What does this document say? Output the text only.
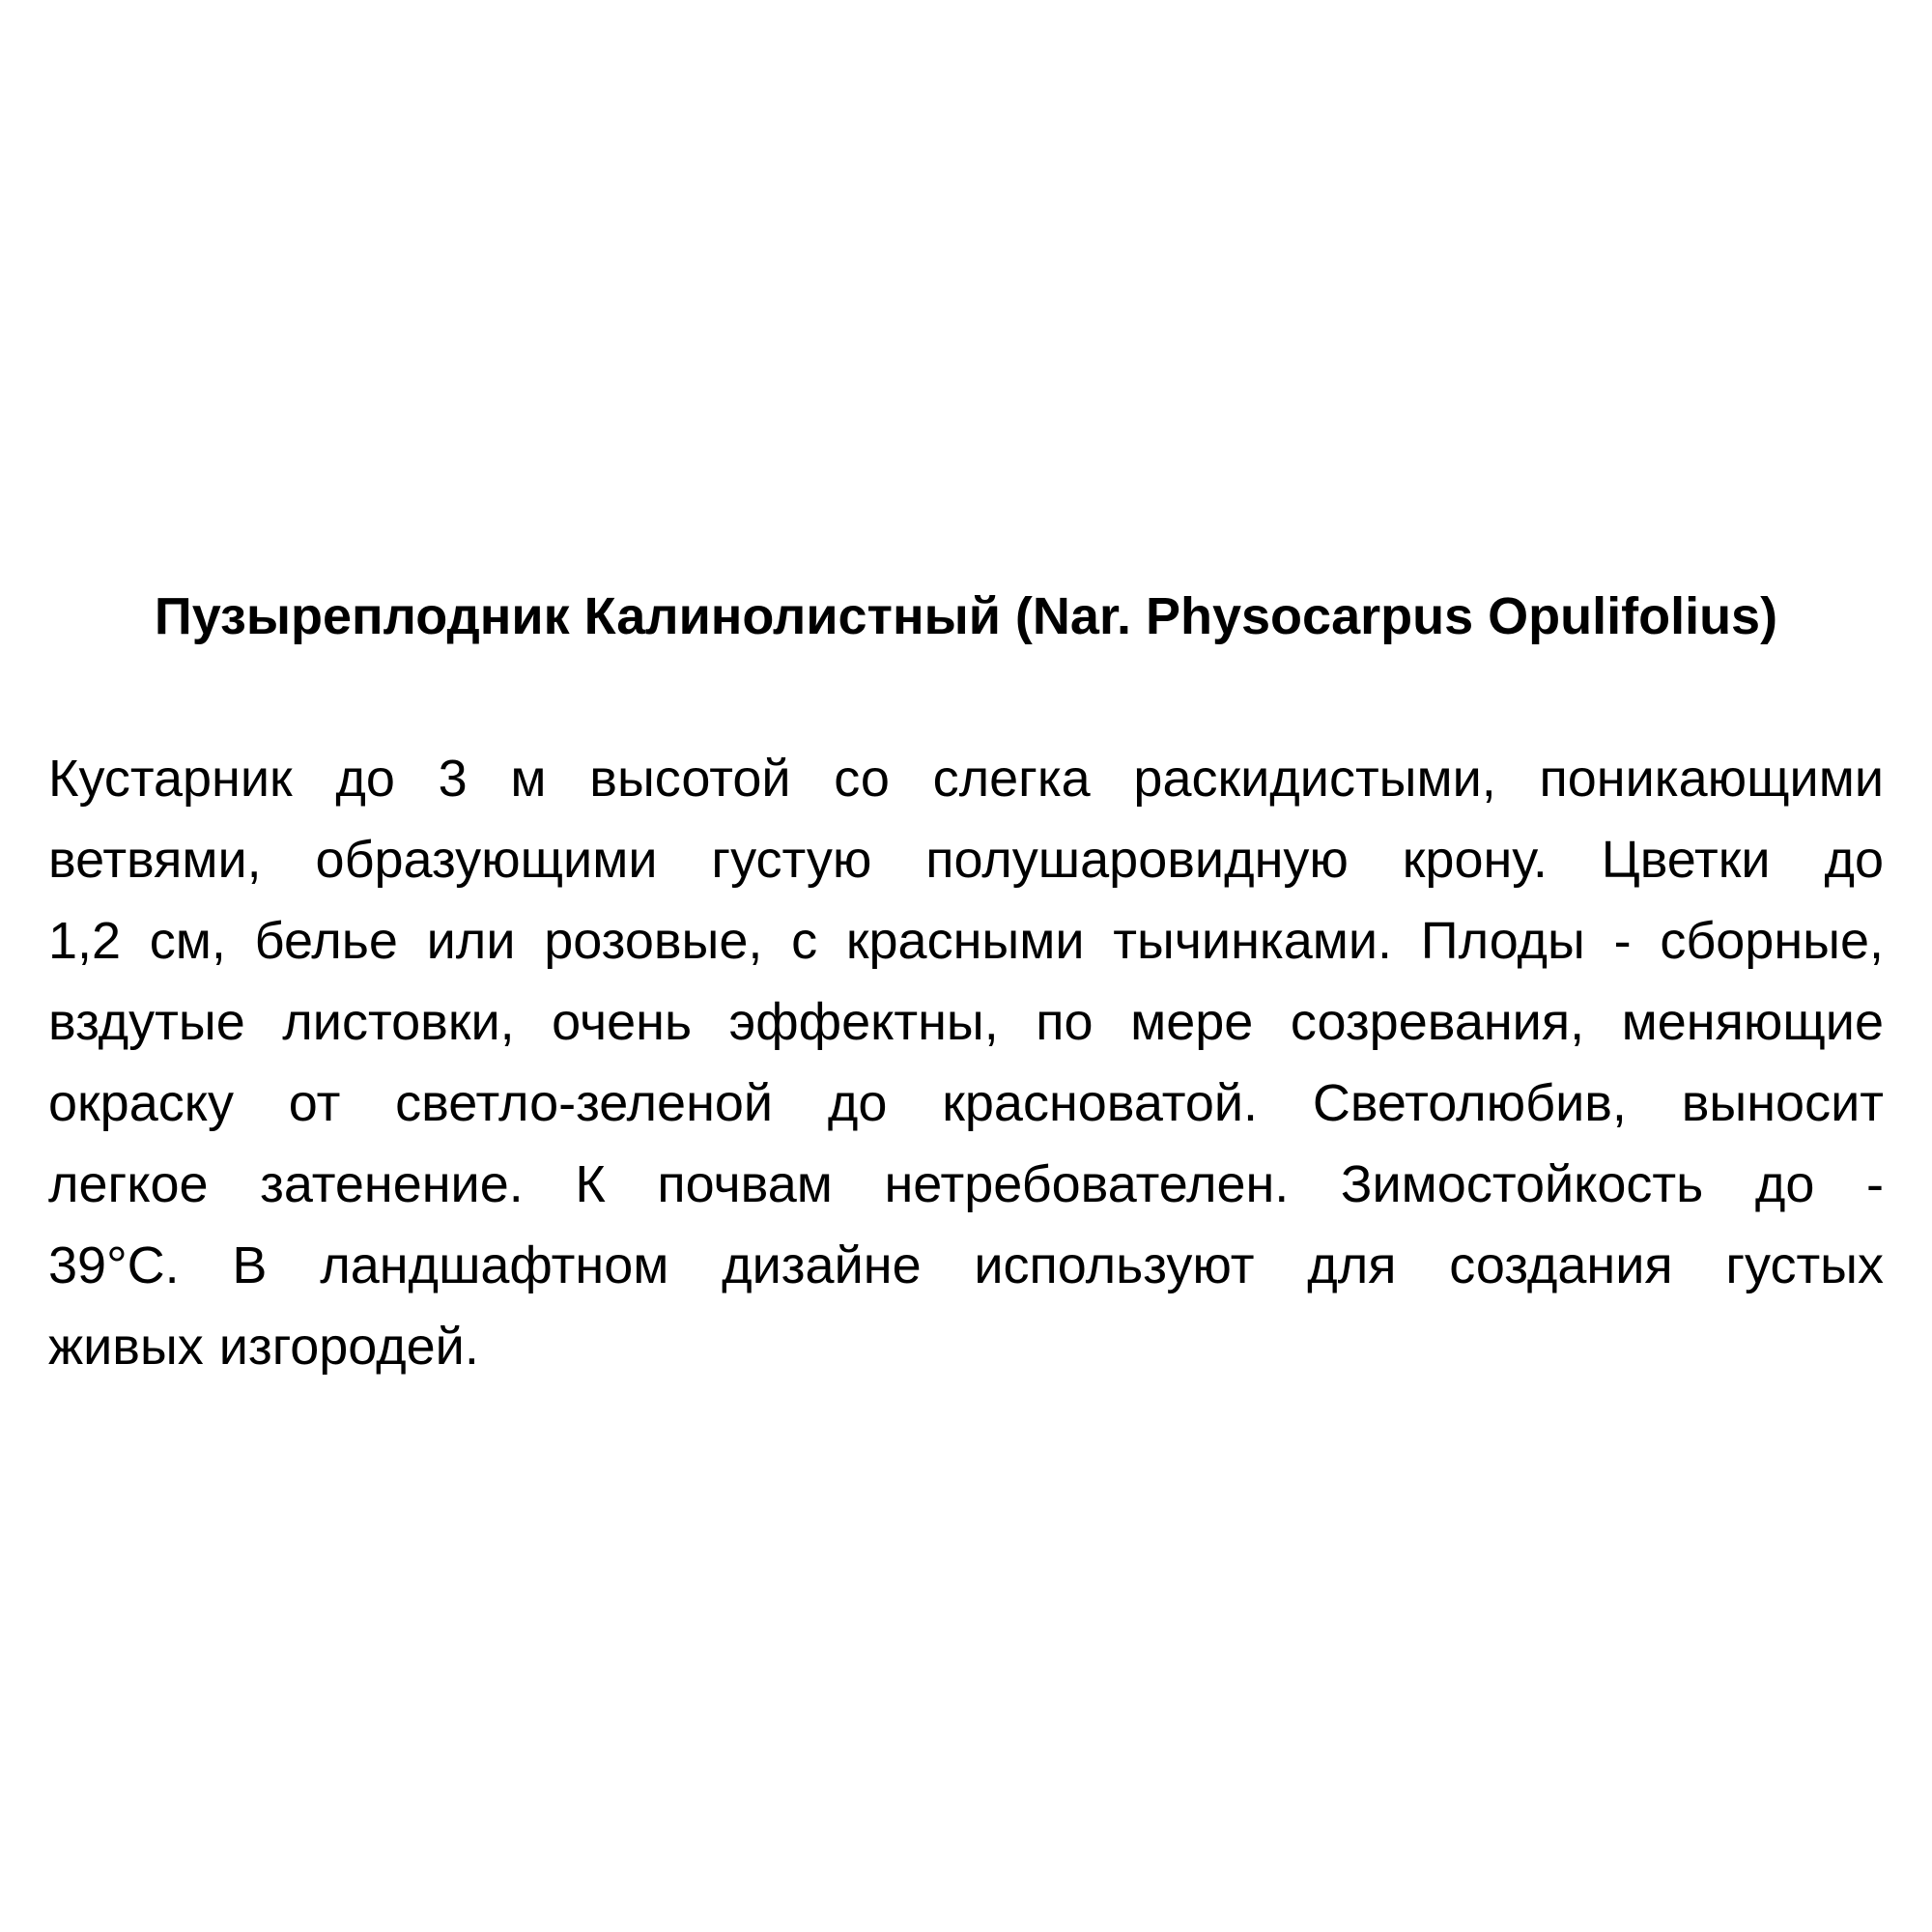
Пузыреплодник Калинолистный (Nar. Physocarpus Opulifolius)
Кустарник до 3 м высотой со слегка раскидистыми, поникающими
ветвями, образующими густую полушаровидную крону. Цветки до
1,2 см, белье или розовые, с красными тычинками. Плоды - сборные,
вздутые листовки, очень эффектны, по мере созревания, меняющие
окраску от светло-зеленой до красноватой. Светолюбив, выносит
легкое затенение. К почвам нетребователен. Зимостойкость до -
39°С. В ландшафтном дизайне используют для создания густых
живых изгородей.
